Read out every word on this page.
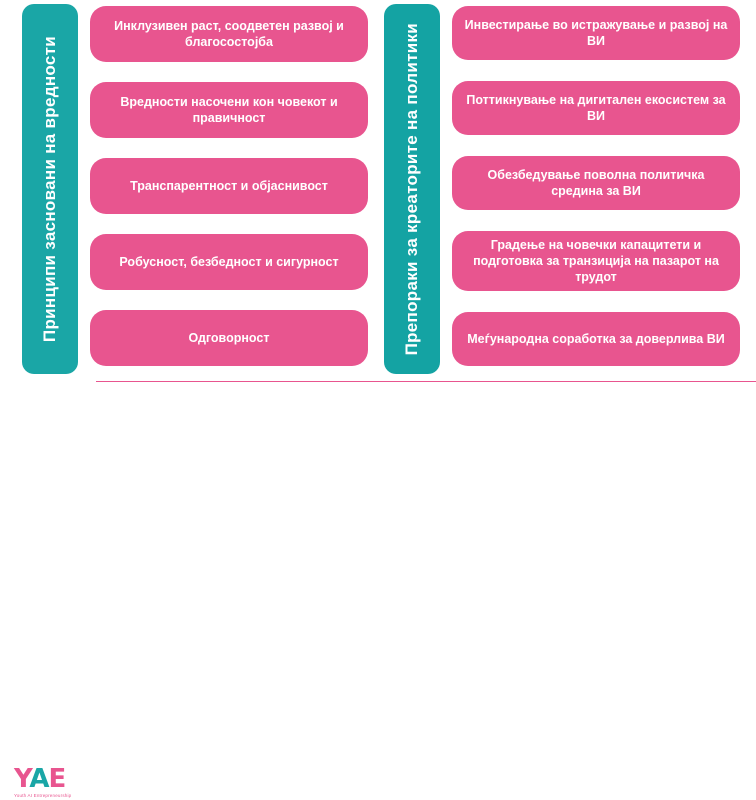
Принципи засновани на вредности
Инклузивен раст, соодветен развој и благосостојба
Вредности насочени кон човекот и правичност
Транспарентност и објаснивост
Робусност, безбедност и сигурност
Одговорност	Препораки за креаторите на политики	Инвестирање во истражување и развој на ВИ
Поттикнување на дигитален екосистем за ВИ
Обезбедување поволна политичка средина за ВИ
Градење на човечки капацитети и подготовка за транзиција на пазарот на трудот
Меѓународна соработка за доверлива ВИ
YAE
Youth AI Entrepreneurship
